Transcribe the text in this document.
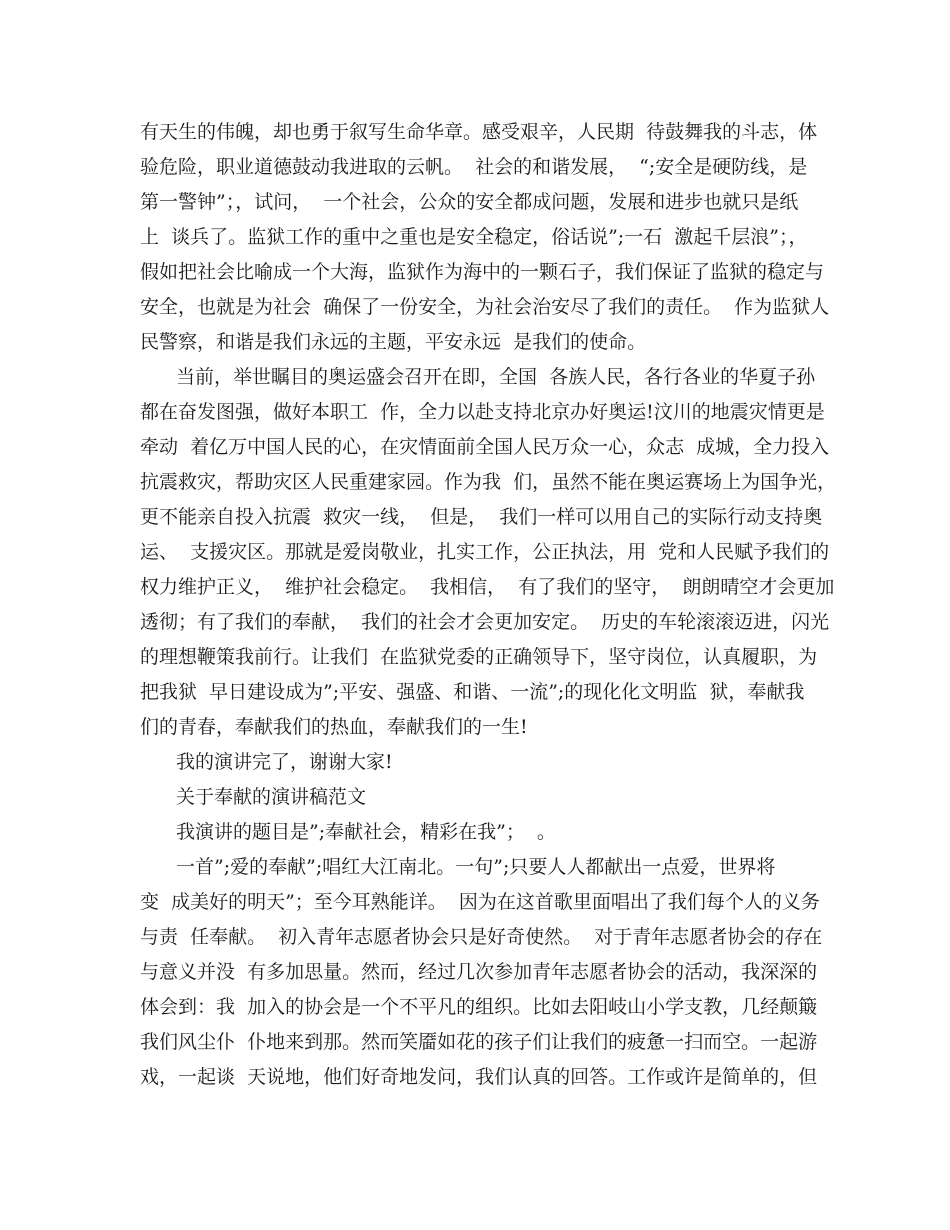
有天生的伟魄，却也勇于叙写生命华章。感受艰辛，人民期  待鼓舞我的斗志，体
验危险，职业道德鼓动我进取的云帆。  社会的和谐发展，  “;安全是硬防线，是
第一警钟”；，试问，  一个社会，公众的安全都成问题，发展和进步也就只是纸
上  谈兵了。监狱工作的重中之重也是安全稳定，俗话说”;一石  激起千层浪”；，
假如把社会比喻成一个大海，监狱作为海中的一颗石子，我们保证了监狱的稳定与
安全，也就是为社会  确保了一份安全，为社会治安尽了我们的责任。  作为监狱人
民警察，和谐是我们永远的主题，平安永远  是我们的使命。
当前，举世瞩目的奥运盛会召开在即，全国  各族人民，各行各业的华夏子孙
都在奋发图强，做好本职工  作，全力以赴支持北京办好奥运!汶川的地震灾情更是
牵动  着亿万中国人民的心，在灾情面前全国人民万众一心，众志  成城，全力投入
抗震救灾，帮助灾区人民重建家园。作为我  们，虽然不能在奥运赛场上为国争光，
更不能亲自投入抗震  救灾一线，  但是，  我们一样可以用自己的实际行动支持奥
运、  支援灾区。那就是爱岗敬业，扎实工作，公正执法，用  党和人民赋予我们的
权力维护正义，  维护社会稳定。  我相信，  有了我们的坚守，  朗朗晴空才会更加
透彻；有了我们的奉献，  我们的社会才会更加安定。  历史的车轮滚滚迈进，闪光
的理想鞭策我前行。让我们  在监狱党委的正确领导下，坚守岗位，认真履职，为
把我狱  早日建设成为”;平安、强盛、和谐、一流”;的现化化文明监  狱，奉献我
们的青春，奉献我们的热血，奉献我们的一生!
我的演讲完了，谢谢大家!
关于奉献的演讲稿范文
我演讲的题目是”;奉献社会，精彩在我”；  。
一首”;爱的奉献”;唱红大江南北。一句”;只要人人都献出一点爱，世界将
变  成美好的明天”；至今耳熟能详。  因为在这首歌里面唱出了我们每个人的义务
与责  任奉献。  初入青年志愿者协会只是好奇使然。  对于青年志愿者协会的存在
与意义并没  有多加思量。然而，经过几次参加青年志愿者协会的活动，我深深的
体会到：我  加入的协会是一个不平凡的组织。比如去阳岐山小学支教，几经颠簸
我们风尘仆  仆地来到那。然而笑靥如花的孩子们让我们的疲惫一扫而空。一起游
戏，一起谈  天说地，他们好奇地发问，我们认真的回答。工作或许是简单的，但
